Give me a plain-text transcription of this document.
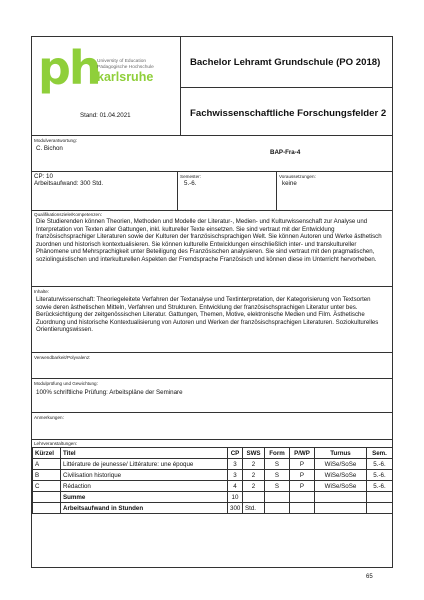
ph
University of Education
Pädagogische Hochschule
karlsruhe
Stand: 01.04.2021
Bachelor Lehramt Grundschule (PO 2018)
Fachwissenschaftliche Forschungsfelder 2
Modulverantwortung:
C. Bichon
BAP-Fra-4
CP: 10
Arbeitsaufwand: 300 Std.
Semester:
5.-6.
Voraussetzungen:
keine
Qualifikationsziele/Kompetenzen:
Die Studierenden können Theorien, Methoden und Modelle der Literatur-, Medien- und Kulturwissenschaft zur Analyse und Interpretation von Texten aller Gattungen, inkl. kultureller Texte einsetzen. Sie sind vertraut mit der Entwicklung französischsprachiger Literaturen sowie der Kulturen der französischsprachigen Welt. Sie können Autoren und Werke ästhetisch zuordnen und historisch kontextualisieren. Sie können kulturelle Entwicklungen einschließlich inter- und transkultureller Phänomene und Mehrsprachigkeit unter Beteiligung des Französischen analysieren. Sie sind vertraut mit den pragmatischen, soziolinguistischen und interkulturellen Aspekten der Fremdsprache Französisch und können diese im Unterricht hervorheben.
Inhalte:
Literaturwissenschaft: Theoriegeleitete Verfahren der Textanalyse und Textinterpretation, der Kategorisierung von Textsorten sowie deren ästhetischen Mitteln, Verfahren und Strukturen. Entwicklung der französischsprachigen Literatur unter bes. Berücksichtigung der zeitgenössischen Literatur. Gattungen, Themen, Motive, elektronische Medien und Film. Ästhetische Zuordnung und historische Kontextualisierung von Autoren und Werken der französischsprachigen Literaturen. Soziokulturelles Orientierungswissen.
Verwendbarkeit/Polyvalenz:
Modulprüfung und Gewichtung:
100% schriftliche Prüfung: Arbeitspläne der Seminare
Anmerkungen:
Lehrveranstaltungen:
Kürzel	Titel	CP	SWS	Form	P/WP	Turnus	Sem.
A	Littérature de jeunesse/ Littérature: une époque	3	2	S	P	WiSe/SoSe	5.-6.
B	Civilisation historique	3	2	S	P	WiSe/SoSe	5.-6.
C	Rédaction	4	2	S	P	WiSe/SoSe	5.-6.
	Summe	10					
	Arbeitsaufwand in Stunden	300	Std.				
65
